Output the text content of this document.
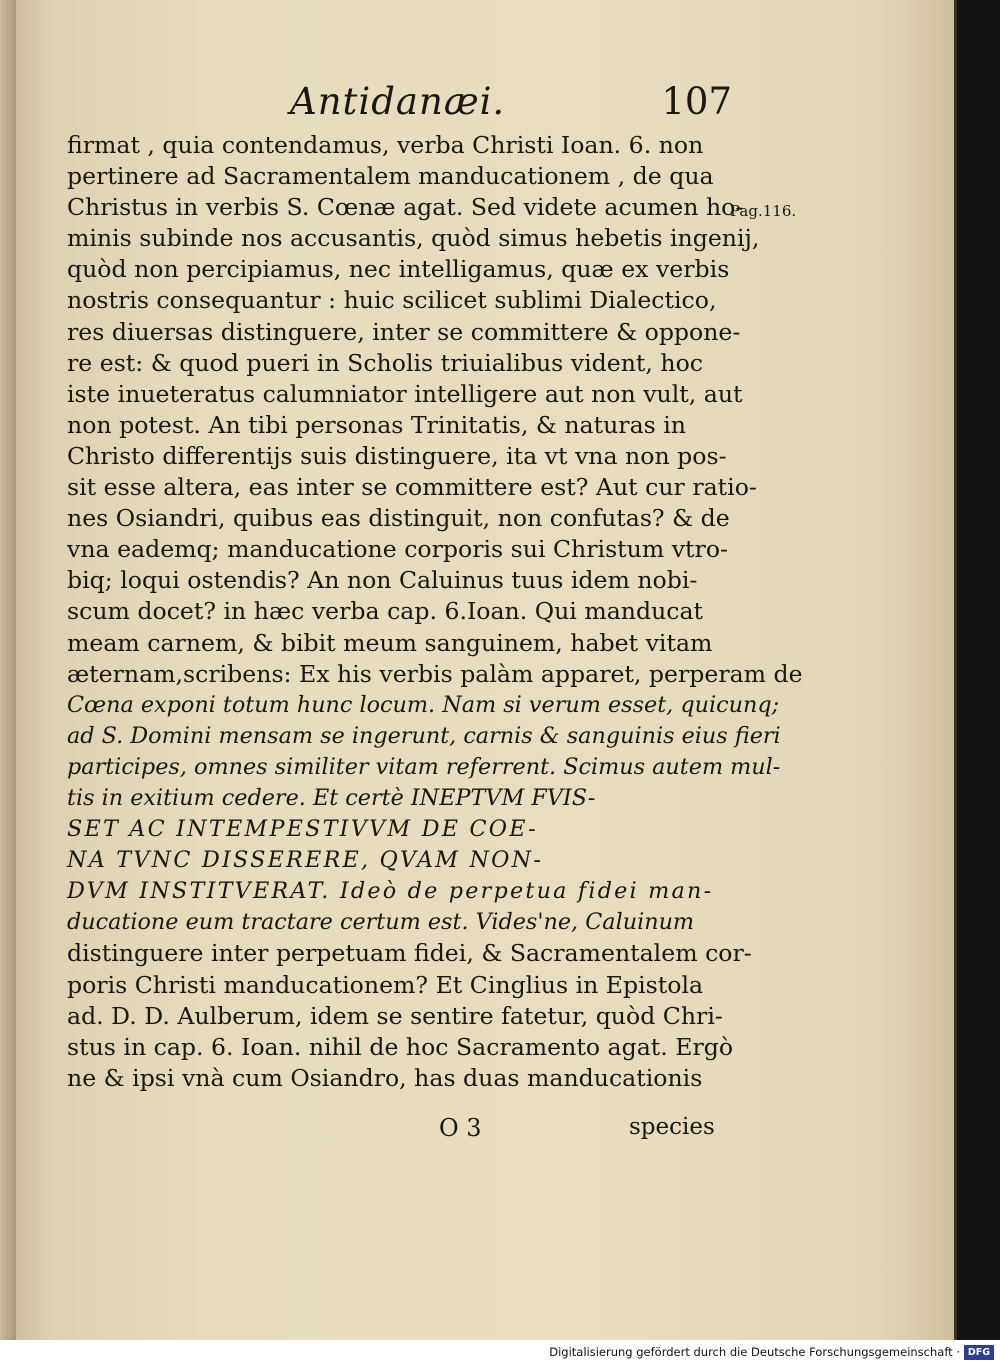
Antidanæi.	107
Pag.116.
firmat , quia contendamus, verba Christi Ioan. 6. non
pertinere ad Sacramentalem manducationem , de qua
Christus in verbis S. Cœnæ agat. Sed videte acumen ho-
minis subinde nos accusantis, quòd simus hebetis ingenij,
quòd non percipiamus, nec intelligamus, quæ ex verbis
nostris consequantur : huic scilicet sublimi Dialectico,
res diuersas distinguere, inter se committere & oppone-
re est: & quod pueri in Scholis triuialibus vident, hoc
iste inueteratus calumniator intelligere aut non vult, aut
non potest. An tibi personas Trinitatis, & naturas in
Christo differentijs suis distinguere, ita vt vna non pos-
sit esse altera, eas inter se committere est? Aut cur ratio-
nes Osiandri, quibus eas distinguit, non confutas? & de
vna eademq; manducatione corporis sui Christum vtro-
biq; loqui ostendis? An non Caluinus tuus idem nobi-
scum docet? in hæc verba cap. 6.Ioan. Qui manducat
meam carnem, & bibit meum sanguinem, habet vitam
æternam,scribens: Ex his verbis palàm apparet, perperam de
Cœna exponi totum hunc locum. Nam si verum esset, quicunq;
ad S. Domini mensam se ingerunt, carnis & sanguinis eius fieri
participes, omnes similiter vitam referrent. Scimus autem mul-
tis in exitium cedere. Et certè INEPTVM FVIS-
SET AC INTEMPESTIVVM DE COE-
NA TVNC DISSERERE, QVAM NON-
DVM INSTITVERAT. Ideò de perpetua fidei man-
ducatione eum tractare certum est. Vides'ne, Caluinum
distinguere inter perpetuam fidei, & Sacramentalem cor-
poris Christi manducationem? Et Cinglius in Epistola
ad. D. D. Aulberum, idem se sentire fatetur, quòd Chri-
stus in cap. 6. Ioan. nihil de hoc Sacramento agat. Ergò
ne & ipsi vnà cum Osiandro, has duas manducationis
O 3	species
Digitalisierung gefördert durch die Deutsche Forschungsgemeinschaft · DFG
